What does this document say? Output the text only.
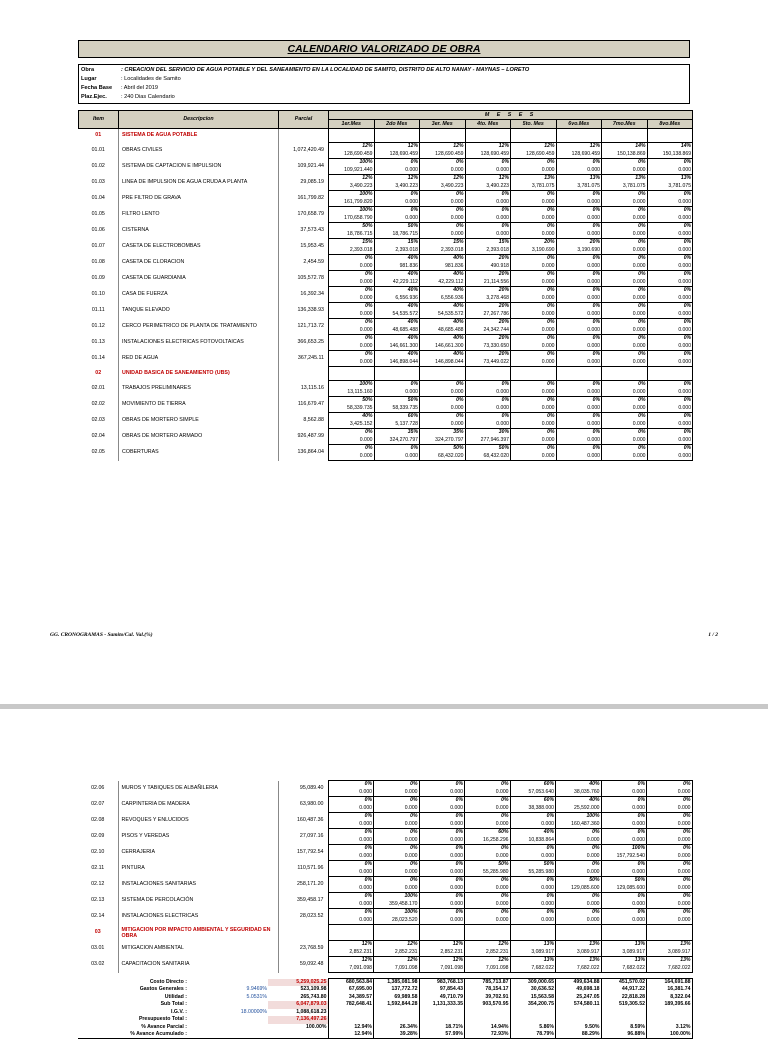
CALENDARIO VALORIZADO DE OBRA
Obra	: CREACION DEL SERVICIO DE AGUA POTABLE Y DEL SANEAMIENTO EN LA LOCALIDAD DE SAMITO, DISTRITO DE ALTO NANAY - MAYNAS – LORETO
Lugar	: Localidades de Samito
Fecha Base : Abril del 2019
Plaz.Ejec.	: 240 Dias Calendario
Item	Descripcion	Parcial	M E S E S							
			1er.Mes	2do Mes	3er. Mes	4to. Mes	5to. Mes	6vo.Mes	7mo.Mes	8vo.Mes
01	SISTEMA DE AGUA POTABLE									
01.01	OBRAS CIVILES	1,072,420.49	12%	12%	12%	12%	12%	12%	14%	14%
			128,690.459	128,690.459	128,690.459	128,690.459	128,690.459	128,690.459	150,138.869	150,138.869
01.02	SISTEMA DE CAPTACION E IMPULSION	109,921.44	100%	0%	0%	0%	0%	0%	0%	0%
			109,921.440	0.000	0.000	0.000	0.000	0.000	0.000	0.000
01.03	LINEA DE IMPULSION DE AGUA CRUDA A PLANTA	29,085.19	12%	12%	12%	12%	13%	13%	13%	13%
			3,490.223	3,490.223	3,490.223	3,490.223	3,781.075	3,781.075	3,781.075	3,781.075
01.04	PRE FILTRO DE GRAVA	161,799.82	100%	0%	0%	0%	0%	0%	0%	0%
			161,799.820	0.000	0.000	0.000	0.000	0.000	0.000	0.000
01.05	FILTRO LENTO	170,658.79	100%	0%	0%	0%	0%	0%	0%	0%
			170,658.790	0.000	0.000	0.000	0.000	0.000	0.000	0.000
01.06	CISTERNA	37,573.43	50%	50%	0%	0%	0%	0%	0%	0%
			18,786.715	18,786.715	0.000	0.000	0.000	0.000	0.000	0.000
01.07	CASETA DE ELECTROBOMBAS	15,953.45	15%	15%	15%	15%	20%	20%	0%	0%
			2,393.018	2,393.018	2,393.018	2,393.018	3,190.690	3,190.690	0.000	0.000
01.08	CASETA DE CLORACION	2,454.59	0%	40%	40%	20%	0%	0%	0%	0%
			0.000	981.836	981.836	490.918	0.000	0.000	0.000	0.000
01.09	CASETA DE GUARDIANIA	105,572.78	0%	40%	40%	20%	0%	0%	0%	0%
			0.000	42,229.112	42,229.112	21,114.556	0.000	0.000	0.000	0.000
01.10	CASA DE FUERZA	16,392.34	0%	40%	40%	20%	0%	0%	0%	0%
			0.000	6,556.936	6,556.936	3,278.468	0.000	0.000	0.000	0.000
01.11	TANQUE ELEVADO	136,338.93	0%	40%	40%	20%	0%	0%	0%	0%
			0.000	54,535.572	54,535.572	27,267.786	0.000	0.000	0.000	0.000
01.12	CERCO PERIMETRICO DE PLANTA DE TRATAMIENTO	121,713.72	0%	40%	40%	20%	0%	0%	0%	0%
			0.000	48,685.488	48,685.488	24,342.744	0.000	0.000	0.000	0.000
01.13	INSTALACIONES ELECTRICAS FOTOVOLTAICAS	366,653.25	0%	40%	40%	20%	0%	0%	0%	0%
			0.000	146,661.300	146,661.300	73,330.650	0.000	0.000	0.000	0.000
01.14	RED DE AGUA	367,245.11	0%	40%	40%	20%	0%	0%	0%	0%
			0.000	146,898.044	146,898.044	73,449.022	0.000	0.000	0.000	0.000
02	UNIDAD BASICA DE SANEAMIENTO (UBS)									
02.01	TRABAJOS PRELIMINARES	13,115.16	100%	0%	0%	0%	0%	0%	0%	0%
			13,115.160	0.000	0.000	0.000	0.000	0.000	0.000	0.000
02.02	MOVIMIENTO DE TIERRA	116,679.47	50%	50%	0%	0%	0%	0%	0%	0%
			58,339.735	58,339.735	0.000	0.000	0.000	0.000	0.000	0.000
02.03	OBRAS DE MORTERO SIMPLE	8,562.88	40%	60%	0%	0%	0%	0%	0%	0%
			3,425.152	5,137.728	0.000	0.000	0.000	0.000	0.000	0.000
02.04	OBRAS DE MORTERO ARMADO	926,487.99	0%	35%	35%	30%	0%	0%	0%	0%
			0.000	324,270.797	324,270.797	277,946.397	0.000	0.000	0.000	0.000
02.05	COBERTURAS	136,864.04	0%	0%	50%	50%	0%	0%	0%	0%
			0.000	0.000	68,432.020	68,432.020	0.000	0.000	0.000	0.000
GG. CRONOGRAMAS - Samito/Cal. Val.(%)	1 / 2
02.06	MUROS Y TABIQUES DE ALBAÑILERIA	95,089.40	0%	0%	0%	0%	60%	40%	0%	0%
			0.000	0.000	0.000	0.000	57,053.640	38,035.760	0.000	0.000
02.07	CARPINTERIA DE MADERA	63,980.00	0%	0%	0%	0%	60%	40%	0%	0%
			0.000	0.000	0.000	0.000	38,388.000	25,592.000	0.000	0.000
02.08	REVOQUES Y ENLUCIDOS	160,487.36	0%	0%	0%	0%	0%	100%	0%	0%
			0.000	0.000	0.000	0.000	0.000	160,487.360	0.000	0.000
02.09	PISOS Y VEREDAS	27,097.16	0%	0%	0%	60%	40%	0%	0%	0%
			0.000	0.000	0.000	16,258.296	10,838.864	0.000	0.000	0.000
02.10	CERRAJERIA	157,792.54	0%	0%	0%	0%	0%	0%	100%	0%
			0.000	0.000	0.000	0.000	0.000	0.000	157,792.540	0.000
02.11	PINTURA	110,571.96	0%	0%	0%	50%	50%	0%	0%	0%
			0.000	0.000	0.000	55,285.980	55,285.980	0.000	0.000	0.000
02.12	INSTALACIONES SANITARIAS	258,171.20	0%	0%	0%	0%	0%	50%	50%	0%
			0.000	0.000	0.000	0.000	0.000	129,085.600	129,085.600	0.000
02.13	SISTEMA DE PERCOLACIÓN	359,458.17	0%	100%	0%	0%	0%	0%	0%	0%
			0.000	359,458.170	0.000	0.000	0.000	0.000	0.000	0.000
02.14	INSTALACIONES ELECTRICAS	28,023.52	0%	100%	0%	0%	0%	0%	0%	0%
			0.000	28,023.520	0.000	0.000	0.000	0.000	0.000	0.000
03	MITIGACION POR IMPACTO AMBIENTAL Y SEGURIDAD EN OBRA									
03.01	MITIGACION AMBIENTAL	23,768.59	12%	12%	12%	12%	13%	13%	13%	13%
			2,852.231	2,852.231	2,852.231	2,852.231	3,089.917	3,089.917	3,089.917	3,089.917
03.02	CAPACITACION SANITARIA	59,092.48	12%	12%	12%	12%	13%	13%	13%	13%
			7,091.098	7,091.098	7,091.098	7,091.098	7,682.022	7,682.022	7,682.022	7,682.022
Costo Directo :		5,259,025.25	680,563.84	1,385,081.98	983,768.13	785,713.87	309,000.65	499,634.88	451,570.02	164,691.88
Gastos Generales :	9.9469%	523,109.98	67,695.00	137,772.72	97,854.43	78,154.17	30,636.52	49,698.18	44,917.22	16,381.74
Utilidad :	5.0531%	265,743.80	34,389.57	69,989.58	49,710.79	39,702.91	15,563.58	25,247.05	22,818.28	8,322.04
Sub Total :		6,047,879.03	782,648.41	1,592,844.28	1,131,333.35	903,570.95	354,200.75	574,580.11	519,305.52	189,395.66
I.G.V. :	18.00000%	1,088,618.23								
Presupuesto Total :		7,136,497.26								
% Avance Parcial :		100.00%	12.94%	26.34%	18.71%	14.94%	5.86%	9.50%	8.59%	3.12%
% Avance Acumulado :			12.94%	39.28%	57.99%	72.93%	78.79%	88.29%	96.88%	100.00%
